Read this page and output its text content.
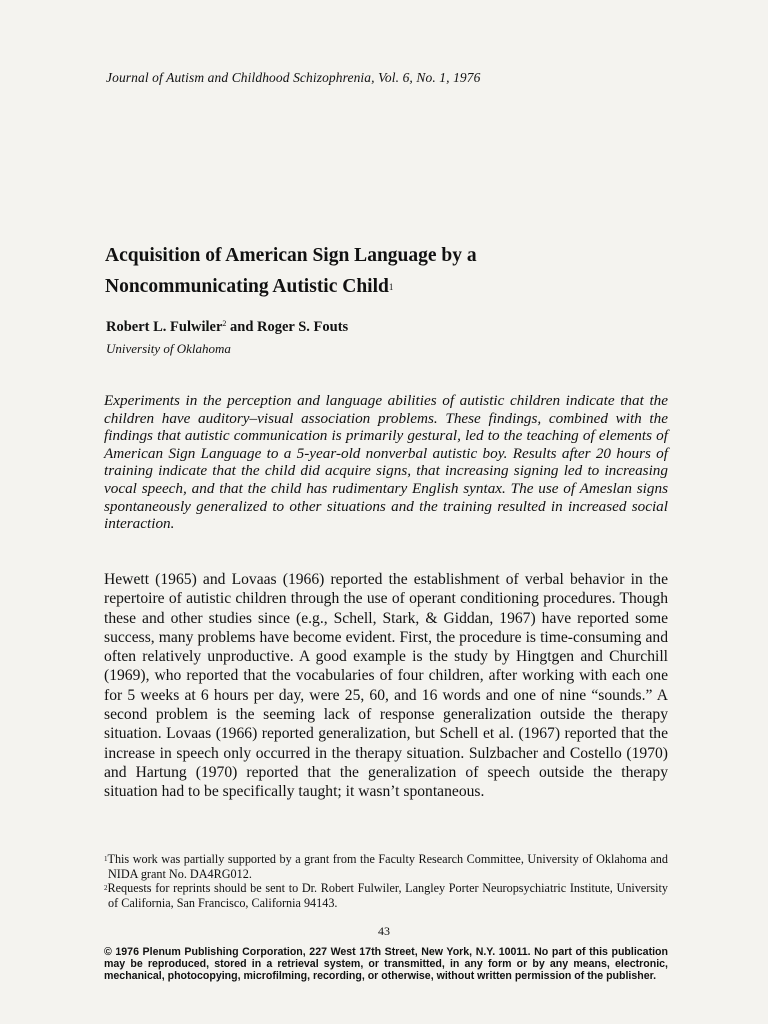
Journal of Autism and Childhood Schizophrenia, Vol. 6, No. 1, 1976
Acquisition of American Sign Language by a
Noncommunicating Autistic Child$^1$
Robert L. Fulwiler$^2$ and Roger S. Fouts
University of Oklahoma
Experiments in the perception and language abilities of autistic children indicate that the children have auditory–visual association problems. These findings, combined with the findings that autistic communication is primarily gestural, led to the teaching of elements of American Sign Language to a 5-year-old nonverbal autistic boy. Results after 20 hours of training indicate that the child did acquire signs, that increasing signing led to increasing vocal speech, and that the child has rudimentary English syntax. The use of Ameslan signs spontaneously generalized to other situations and the training resulted in increased social interaction.
Hewett (1965) and Lovaas (1966) reported the establishment of verbal behavior in the repertoire of autistic children through the use of operant conditioning procedures. Though these and other studies since (e.g., Schell, Stark, & Giddan, 1967) have reported some success, many problems have become evident. First, the procedure is time-consuming and often relatively unproductive. A good example is the study by Hingtgen and Churchill (1969), who reported that the vocabularies of four children, after working with each one for 5 weeks at 6 hours per day, were 25, 60, and 16 words and one of nine “sounds.” A second problem is the seeming lack of response generalization outside the therapy situation. Lovaas (1966) reported generalization, but Schell et al. (1967) reported that the increase in speech only occurred in the therapy situation. Sulzbacher and Costello (1970) and Hartung (1970) reported that the generalization of speech outside the therapy situation had to be specifically taught; it wasn’t spontaneous.
$^1$This work was partially supported by a grant from the Faculty Research Committee, University of Oklahoma and NIDA grant No. DA4RG012.
$^2$Requests for reprints should be sent to Dr. Robert Fulwiler, Langley Porter Neuropsychiatric Institute, University of California, San Francisco, California 94143.
43
© 1976 Plenum Publishing Corporation, 227 West 17th Street, New York, N.Y. 10011. No part of this publication may be reproduced, stored in a retrieval system, or transmitted, in any form or by any means, electronic, mechanical, photocopying, microfilming, recording, or otherwise, without written permission of the publisher.
